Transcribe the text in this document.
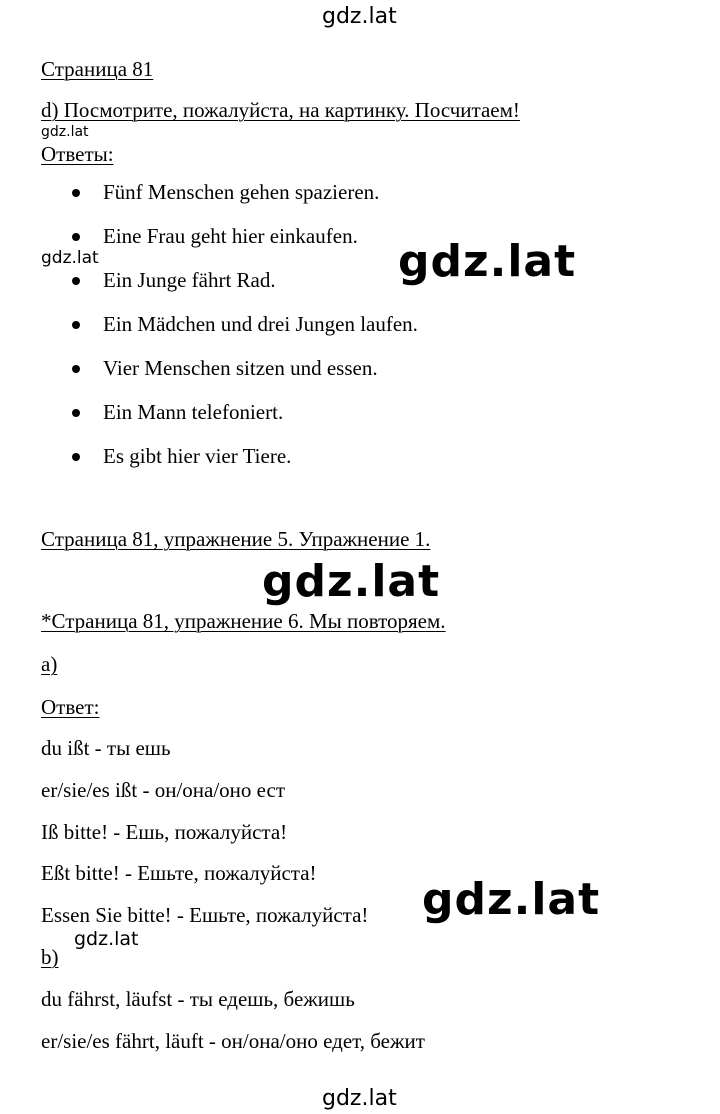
gdz.lat
Страница 81
d) Посмотрите, пожалуйста, на картинку. Посчитаем!
gdz.lat
Ответы:
Fünf Menschen gehen spazieren.
Eine Frau geht hier einkaufen.
Ein Junge fährt Rad.
Ein Mädchen und drei Jungen laufen.
Vier Menschen sitzen und essen.
Ein Mann telefoniert.
Es gibt hier vier Tiere.
gdz.lat	gdz.lat
Страница 81, упражнение 5. Упражнение 1.
gdz.lat
*Страница 81, упражнение 6. Мы повторяем.
a)
Ответ:
du ißt - ты ешь
er/sie/es ißt - он/она/оно ест
Iß bitte! - Ешь, пожалуйста!
Eßt bitte! - Ешьте, пожалуйста!
Essen Sie bitte! - Ешьте, пожалуйста! gdz.lat
gdz.lat
b)
du fährst, läufst - ты едешь, бежишь
er/sie/es fährt, läuft - он/она/оно едет, бежит
gdz.lat
